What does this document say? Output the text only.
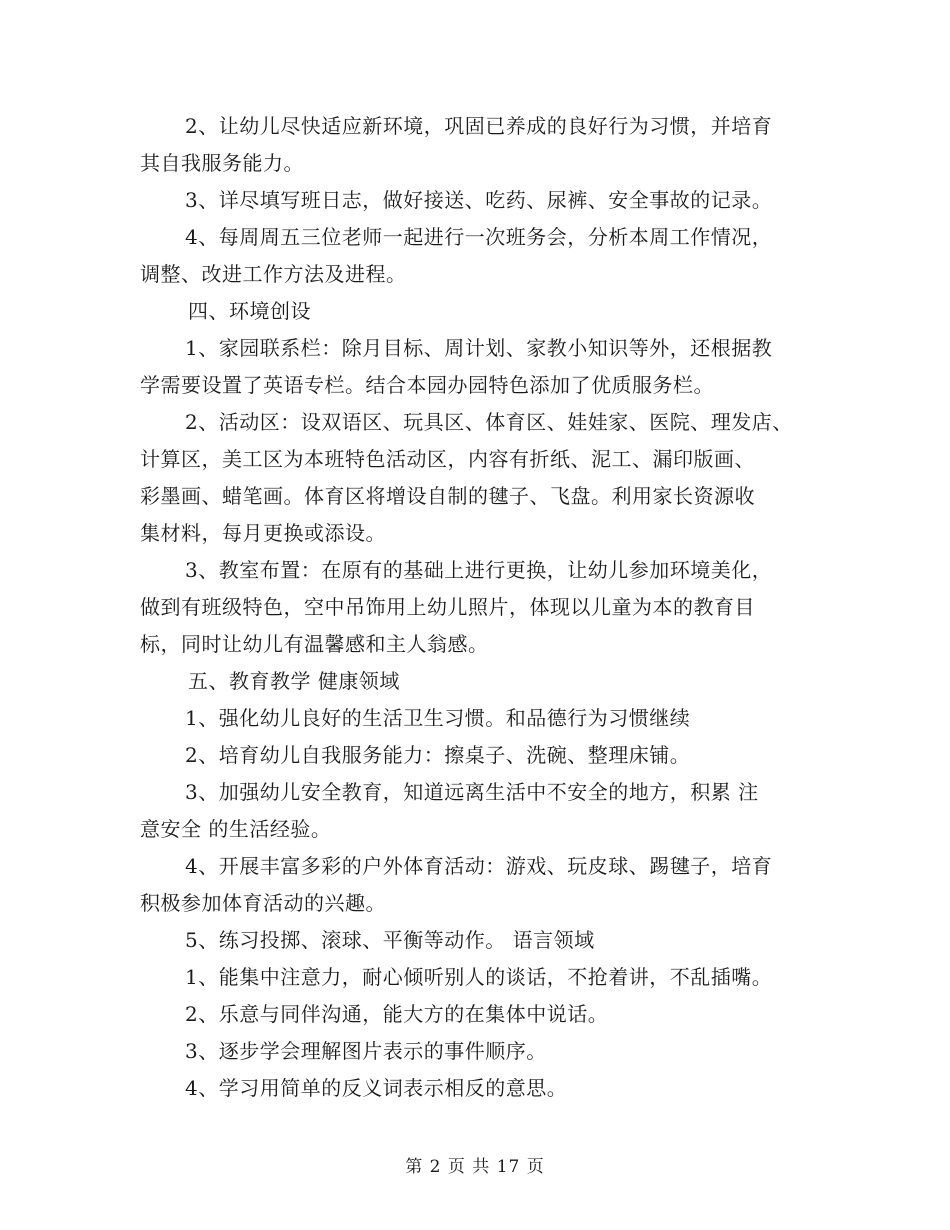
2、让幼儿尽快适应新环境，巩固已养成的良好行为习惯，并培育
其自我服务能力。
3、详尽填写班日志，做好接送、吃药、尿裤、安全事故的记录。
4、每周周五三位老师一起进行一次班务会，分析本周工作情况，
调整、改进工作方法及进程。
四、环境创设
1、家园联系栏：除月目标、周计划、家教小知识等外，还根据教
学需要设置了英语专栏。结合本园办园特色添加了优质服务栏。
2、活动区：设双语区、玩具区、体育区、娃娃家、医院、理发店、
计算区，美工区为本班特色活动区，内容有折纸、泥工、漏印版画、
彩墨画、蜡笔画。体育区将增设自制的毽子、飞盘。利用家长资源收
集材料，每月更换或添设。
3、教室布置：在原有的基础上进行更换，让幼儿参加环境美化，
做到有班级特色，空中吊饰用上幼儿照片，体现以儿童为本的教育目
标，同时让幼儿有温馨感和主人翁感。
五、教育教学 健康领域
1、强化幼儿良好的生活卫生习惯。和品德行为习惯继续
2、培育幼儿自我服务能力：擦桌子、洗碗、整理床铺。
3、加强幼儿安全教育，知道远离生活中不安全的地方，积累 注
意安全 的生活经验。
4、开展丰富多彩的户外体育活动：游戏、玩皮球、踢毽子，培育
积极参加体育活动的兴趣。
5、练习投掷、滚球、平衡等动作。 语言领域
1、能集中注意力，耐心倾听别人的谈话，不抢着讲，不乱插嘴。
2、乐意与同伴沟通，能大方的在集体中说话。
3、逐步学会理解图片表示的事件顺序。
4、学习用简单的反义词表示相反的意思。
第 2 页 共 17 页
